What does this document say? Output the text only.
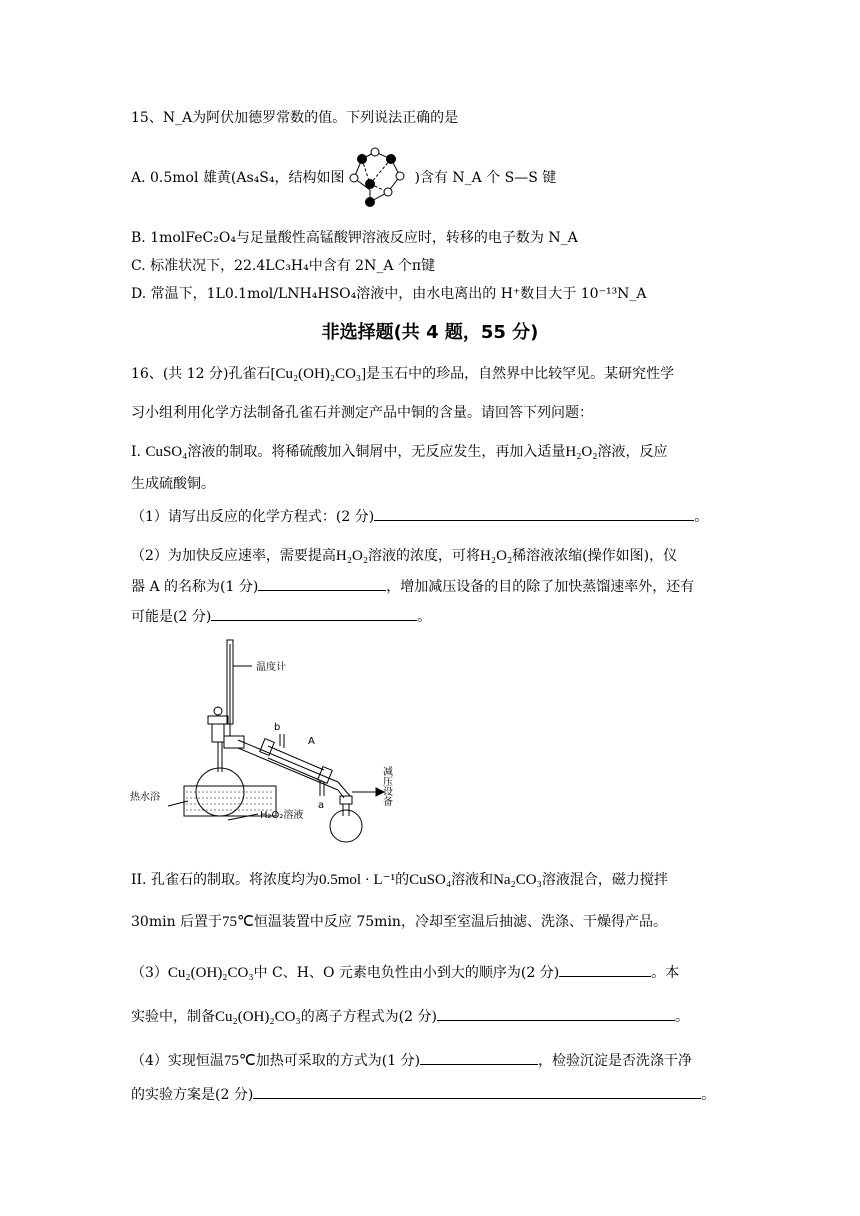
15、N_A为阿伏加德罗常数的值。下列说法正确的是
A. 0.5mol 雄黄(As₄S₄，结构如图	)含有 N_A 个 S—S 键
B. 1molFeC₂O₄与足量酸性高锰酸钾溶液反应时，转移的电子数为 N_A
C. 标准状况下，22.4LC₃H₄中含有 2N_A 个π键
D. 常温下，1L0.1mol/LNH₄HSO₄溶液中，由水电离出的 H⁺数目大于 10⁻¹³N_A
非选择题(共 4 题，55 分)
16、(共 12 分)孔雀石[Cu₂(OH)₂CO₃]是玉石中的珍品，自然界中比较罕见。某研究性学
习小组利用化学方法制备孔雀石并测定产品中铜的含量。请回答下列问题：
I. CuSO₄溶液的制取。将稀硫酸加入铜屑中，无反应发生，再加入适量H₂O₂溶液，反应
生成硫酸铜。
（1）请写出反应的化学方程式：(2 分)	。
（2）为加快反应速率，需要提高H₂O₂溶液的浓度，可将H₂O₂稀溶液浓缩(操作如图)，仪
器 A 的名称为(1 分)	，增加减压设备的目的除了加快蒸馏速率外，还有
可能是(2 分)	。
温度计
b
A
a
热水浴
H₂O₂溶液
减压设备
II. 孔雀石的制取。将浓度均为0.5mol · L⁻¹的CuSO₄溶液和Na₂CO₃溶液混合，磁力搅拌
30min 后置于75℃恒温装置中反应 75min，冷却至室温后抽滤、洗涤、干燥得产品。
（3）Cu₂(OH)₂CO₃中 C、H、O 元素电负性由小到大的顺序为(2 分)	。本
实验中，制备Cu₂(OH)₂CO₃的离子方程式为(2 分)	。
（4）实现恒温75℃加热可采取的方式为(1 分)	，检验沉淀是否洗涤干净
的实验方案是(2 分)	。
